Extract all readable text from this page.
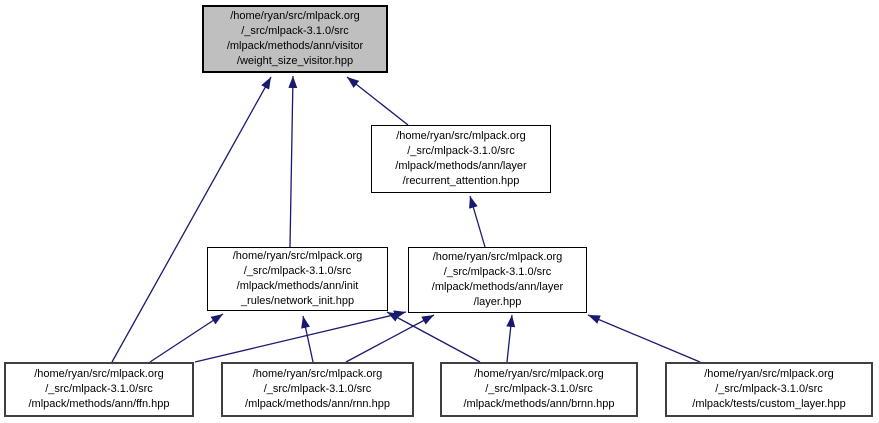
/home/ryan/src/mlpack.org
/_src/mlpack-3.1.0/src
/mlpack/methods/ann/visitor
/weight_size_visitor.hpp
/home/ryan/src/mlpack.org
/_src/mlpack-3.1.0/src
/mlpack/methods/ann/layer
/recurrent_attention.hpp
/home/ryan/src/mlpack.org
/_src/mlpack-3.1.0/src
/mlpack/methods/ann/init
_rules/network_init.hpp
/home/ryan/src/mlpack.org
/_src/mlpack-3.1.0/src
/mlpack/methods/ann/layer
/layer.hpp
/home/ryan/src/mlpack.org
/_src/mlpack-3.1.0/src
/mlpack/methods/ann/ffn.hpp
/home/ryan/src/mlpack.org
/_src/mlpack-3.1.0/src
/mlpack/methods/ann/rnn.hpp
/home/ryan/src/mlpack.org
/_src/mlpack-3.1.0/src
/mlpack/methods/ann/brnn.hpp
/home/ryan/src/mlpack.org
/_src/mlpack-3.1.0/src
/mlpack/tests/custom_layer.hpp
